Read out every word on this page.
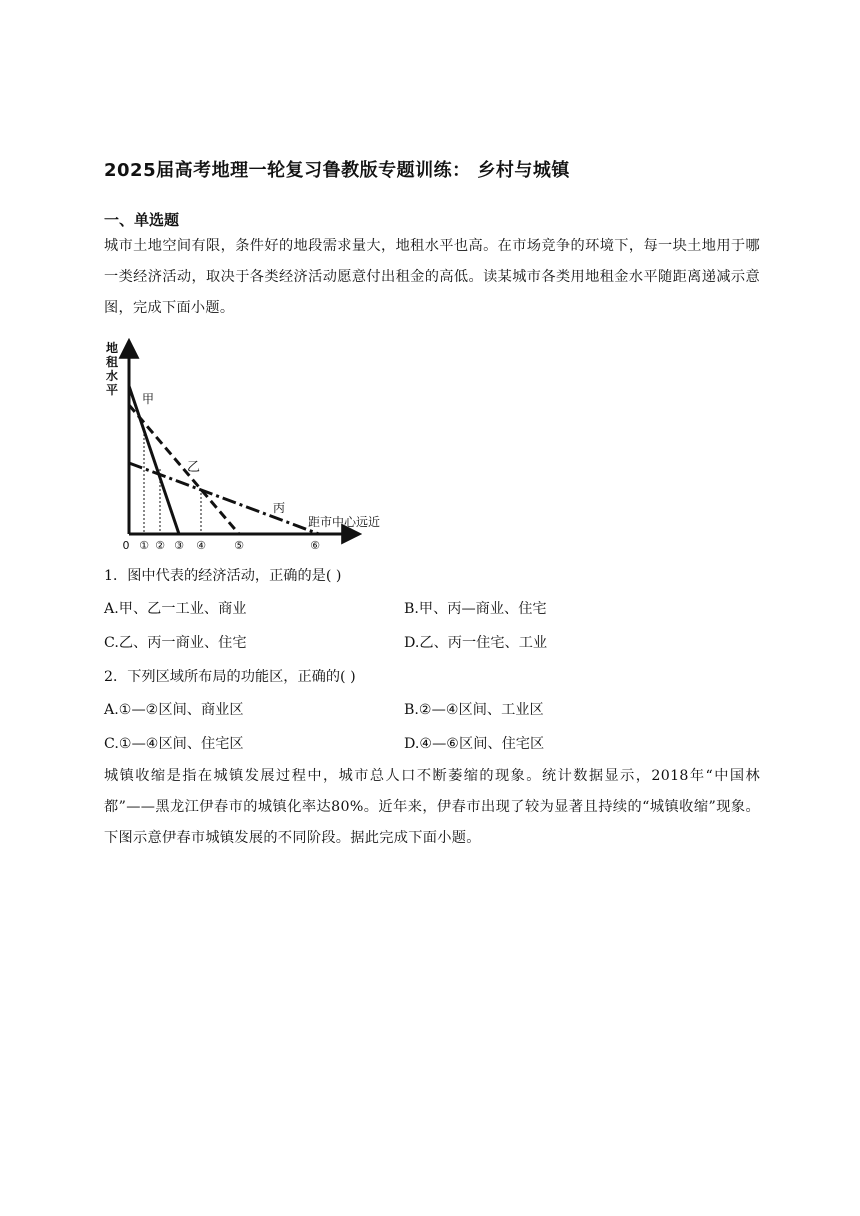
2025届高考地理一轮复习鲁教版专题训练： 乡村与城镇
一、单选题
城市土地空间有限，条件好的地段需求量大，地租水平也高。在市场竞争的环境下，每一块土地用于哪一类经济活动，取决于各类经济活动愿意付出租金的高低。读某城市各类用地租金水平随距离递减示意图，完成下面小题。
地
租
水
平
距市中心远近
甲
乙
丙
0 ① ② ③ ④	⑤	⑥
1．图中代表的经济活动，正确的是( )
A.甲、乙一工业、商业	B.甲、丙—商业、住宅
C.乙、丙一商业、住宅	D.乙、丙一住宅、工业
2．下列区域所布局的功能区，正确的( )
A.①—②区间、商业区	B.②—④区间、工业区
C.①—④区间、住宅区	D.④—⑥区间、住宅区
城镇收缩是指在城镇发展过程中，城市总人口不断萎缩的现象。统计数据显示，2018年“中国林都”——黑龙江伊春市的城镇化率达80%。近年来，伊春市出现了较为显著且持续的“城镇收缩”现象。下图示意伊春市城镇发展的不同阶段。据此完成下面小题。
